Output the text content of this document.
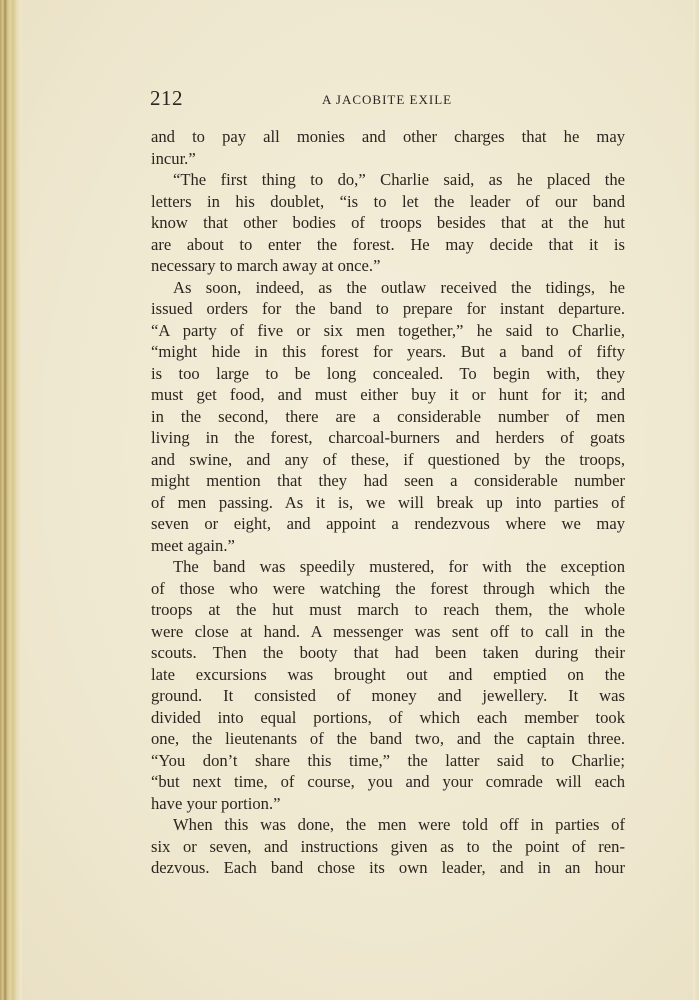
212	A JACOBITE EXILE
and to pay all monies and other charges that he may
incur.”
“The first thing to do,” Charlie said, as he placed the
letters in his doublet, “is to let the leader of our band
know that other bodies of troops besides that at the hut
are about to enter the forest. He may decide that it is
necessary to march away at once.”
As soon, indeed, as the outlaw received the tidings, he
issued orders for the band to prepare for instant departure.
“A party of five or six men together,” he said to Charlie,
“might hide in this forest for years. But a band of fifty
is too large to be long concealed. To begin with, they
must get food, and must either buy it or hunt for it; and
in the second, there are a considerable number of men
living in the forest, charcoal-burners and herders of goats
and swine, and any of these, if questioned by the troops,
might mention that they had seen a considerable number
of men passing. As it is, we will break up into parties of
seven or eight, and appoint a rendezvous where we may
meet again.”
The band was speedily mustered, for with the exception
of those who were watching the forest through which the
troops at the hut must march to reach them, the whole
were close at hand. A messenger was sent off to call in the
scouts. Then the booty that had been taken during their
late excursions was brought out and emptied on the
ground. It consisted of money and jewellery. It was
divided into equal portions, of which each member took
one, the lieutenants of the band two, and the captain three.
“You don’t share this time,” the latter said to Charlie;
“but next time, of course, you and your comrade will each
have your portion.”
When this was done, the men were told off in parties of
six or seven, and instructions given as to the point of ren-
dezvous. Each band chose its own leader, and in an hour
